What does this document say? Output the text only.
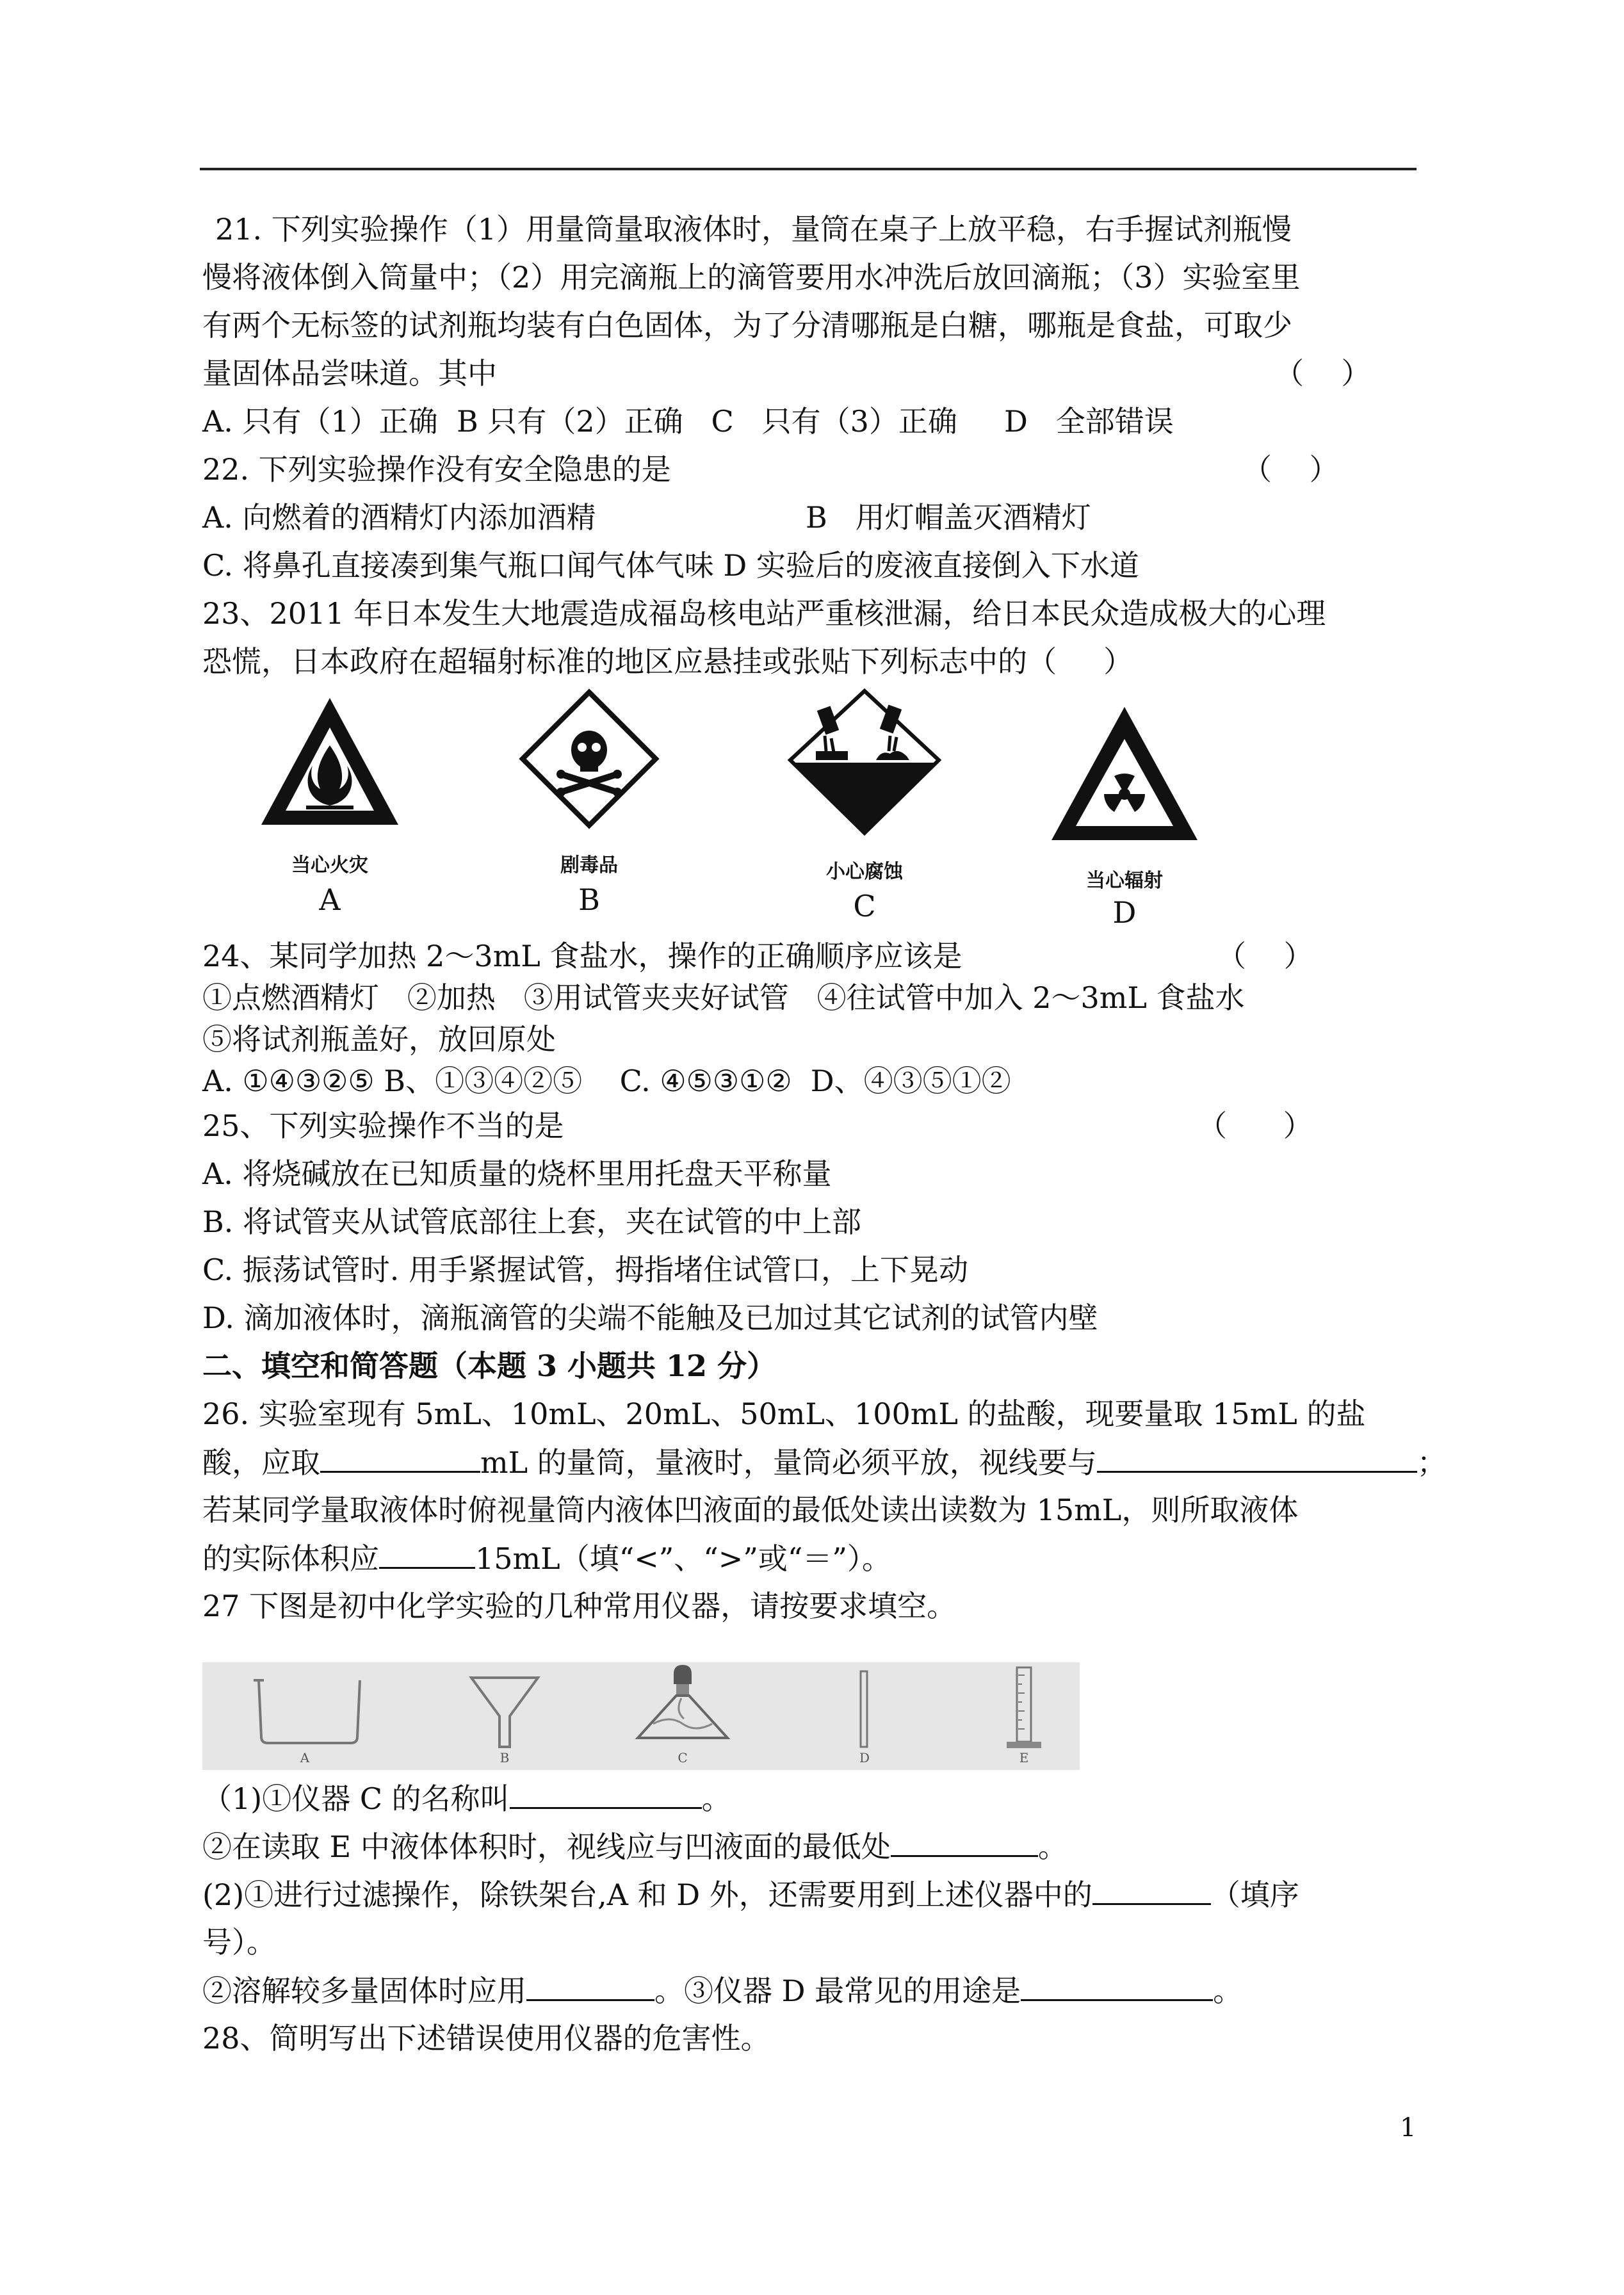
21. 下列实验操作（1）用量筒量取液体时，量筒在桌子上放平稳，右手握试剂瓶慢
慢将液体倒入筒量中；（2）用完滴瓶上的滴管要用水冲洗后放回滴瓶；（3）实验室里
有两个无标签的试剂瓶均装有白色固体，为了分清哪瓶是白糖，哪瓶是食盐，可取少
量固体品尝味道。其中	（    ）
A. 只有（1）正确  B 只有（2）正确   C   只有（3）正确     D   全部错误
22. 下列实验操作没有安全隐患的是	（    ）
A. 向燃着的酒精灯内添加酒精	B   用灯帽盖灭酒精灯
C. 将鼻孔直接凑到集气瓶口闻气体气味 D 实验后的废液直接倒入下水道
23、2011 年日本发生大地震造成福岛核电站严重核泄漏，给日本民众造成极大的心理
恐慌，日本政府在超辐射标准的地区应悬挂或张贴下列标志中的（     ）
当心火灾
A
剧毒品
B
小心腐蚀
C
当心辐射
D
24、某同学加热 2～3mL 食盐水，操作的正确顺序应该是	（    ）
①点燃酒精灯   ②加热   ③用试管夹夹好试管   ④往试管中加入 2～3mL 食盐水
⑤将试剂瓶盖好，放回原处
A. ①④③②⑤ B、①③④②⑤    C. ④⑤③①②  D、④③⑤①②
25、下列实验操作不当的是	（      ）
A. 将烧碱放在已知质量的烧杯里用托盘天平称量
B. 将试管夹从试管底部往上套，夹在试管的中上部
C. 振荡试管时. 用手紧握试管，拇指堵住试管口，上下晃动
D. 滴加液体时，滴瓶滴管的尖端不能触及已加过其它试剂的试管内壁
二、填空和简答题（本题 3 小题共 12 分）
26. 实验室现有 5mL、10mL、20mL、50mL、100mL 的盐酸，现要量取 15mL 的盐
酸，应取	mL 的量筒，量液时，量筒必须平放，视线要与	；
若某同学量取液体时俯视量筒内液体凹液面的最低处读出读数为 15mL，则所取液体
的实际体积应	15mL（填“<”、“>”或“＝”）。
27 下图是初中化学实验的几种常用仪器，请按要求填空。
A	B	C	D	E
（1)①仪器 C 的名称叫	。
②在读取 E 中液体体积时，视线应与凹液面的最低处	。
(2)①进行过滤操作，除铁架台,A 和 D 外，还需要用到上述仪器中的	（填序
号）。
②溶解较多量固体时应用	。③仪器 D 最常见的用途是	。
28、简明写出下述错误使用仪器的危害性。
1
